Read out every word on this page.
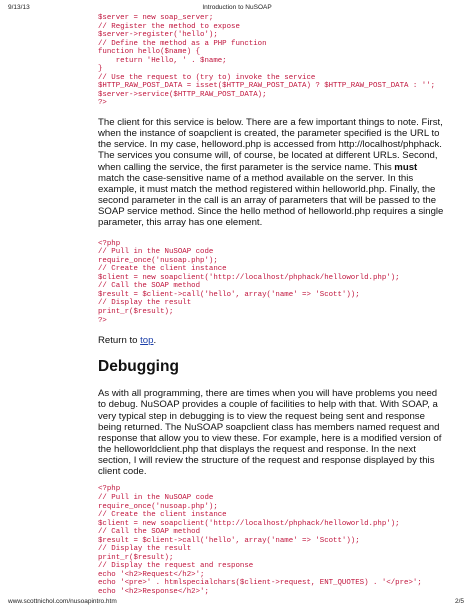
9/13/13	Introduction to NuSOAP
$server = new soap_server;
// Register the method to expose
$server->register('hello');
// Define the method as a PHP function
function hello($name) {
return 'Hello, ' . $name;
}
// Use the request to (try to) invoke the service
$HTTP_RAW_POST_DATA = isset($HTTP_RAW_POST_DATA) ? $HTTP_RAW_POST_DATA : '';
$server->service($HTTP_RAW_POST_DATA);
?>

The client for this service is below. There are a few important things to note. First, when the instance of soapclient is created, the parameter specified is the URL to the service. In my case, helloword.php is accessed from http://localhost/phphack. The services you consume will, of course, be located at different URLs. Second, when calling the service, the first parameter is the service name. This must match the case-sensitive name of a method available on the server. In this example, it must match the method registered within helloworld.php. Finally, the second parameter in the call is an array of parameters that will be passed to the SOAP service method. Since the hello method of helloworld.php requires a single parameter, this array has one element.

<?php
// Pull in the NuSOAP code
require_once('nusoap.php');
// Create the client instance
$client = new soapclient('http://localhost/phphack/helloworld.php');
// Call the SOAP method
$result = $client->call('hello', array('name' => 'Scott'));
// Display the result
print_r($result);
?>

Return to top.

Debugging

As with all programming, there are times when you will have problems you need to debug. NuSOAP provides a couple of facilities to help with that. With SOAP, a very typical step in debugging is to view the request being sent and response being returned. The NuSOAP soapclient class has members named request and response that allow you to view these. For example, here is a modified version of the helloworldclient.php that displays the request and response. In the next section, I will review the structure of the request and response displayed by this client code.

<?php
// Pull in the NuSOAP code
require_once('nusoap.php');
// Create the client instance
$client = new soapclient('http://localhost/phphack/helloworld.php');
// Call the SOAP method
$result = $client->call('hello', array('name' => 'Scott'));
// Display the result
print_r($result);
// Display the request and response
echo '<h2>Request</h2>';
echo '<pre>' . htmlspecialchars($client->request, ENT_QUOTES) . '</pre>';
echo '<h2>Response</h2>';
www.scottnichol.com/nusoapintro.htm	2/5
